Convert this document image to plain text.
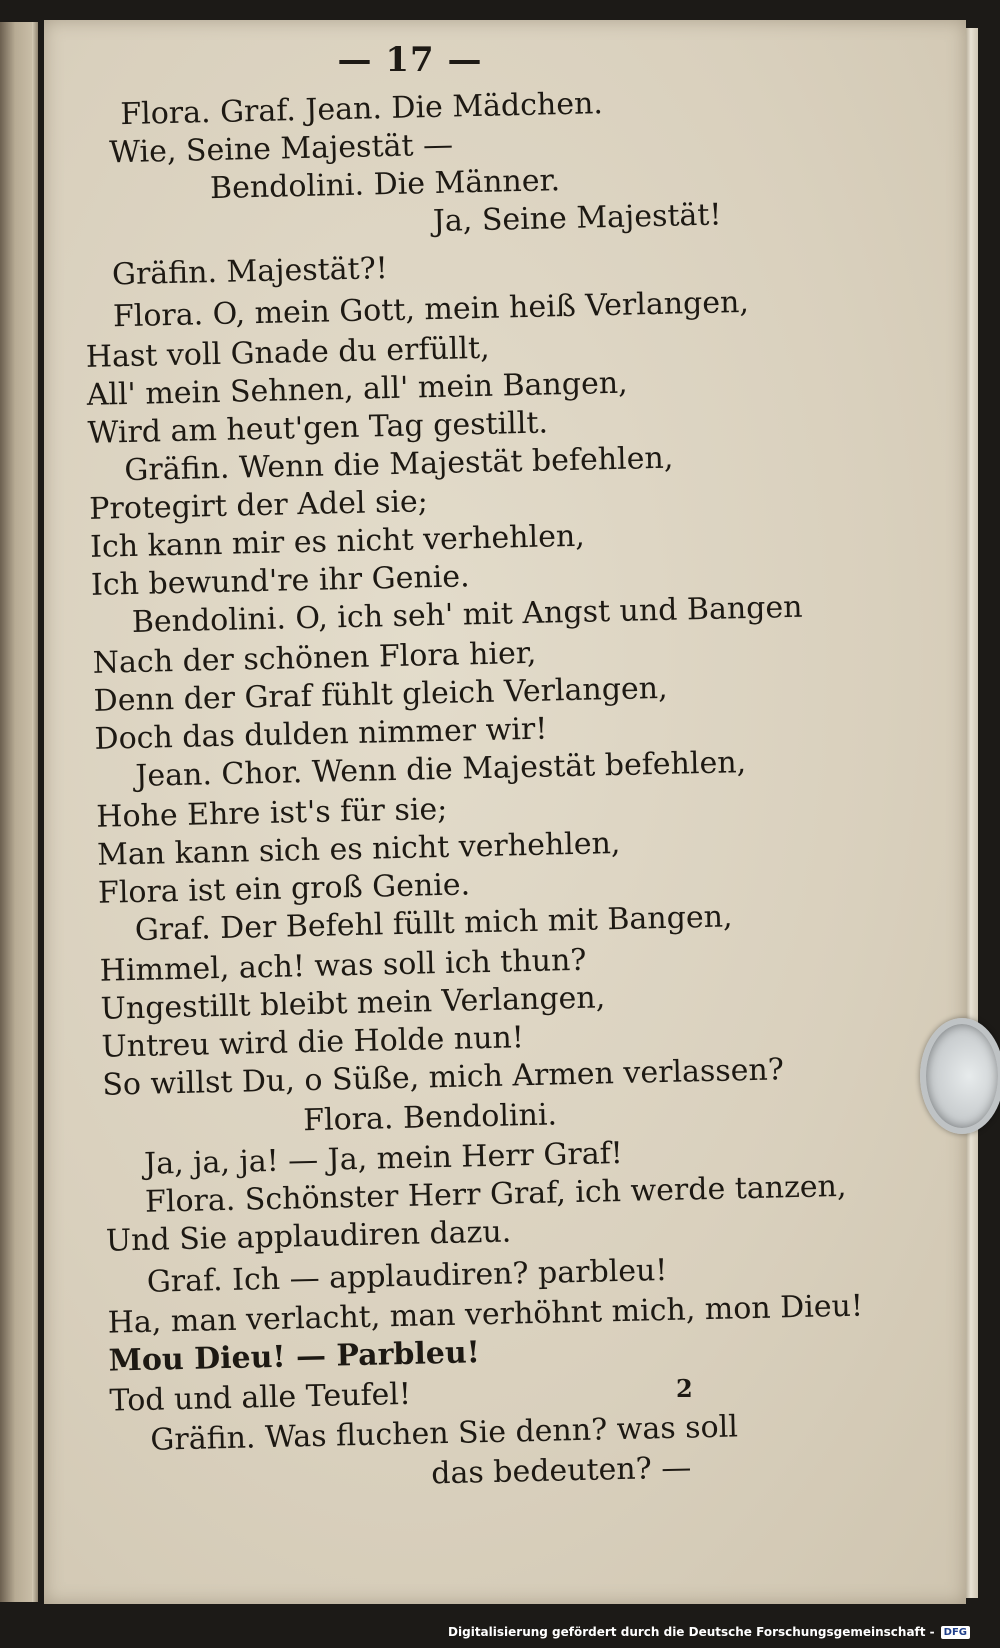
— 17 —
Flora. Graf. Jean. Die Mädchen.
Wie, Seine Majestät —
Bendolini. Die Männer.
Ja, Seine Majestät!
Gräfin. Majestät?!
Flora. O, mein Gott, mein heiß Verlangen,
Hast voll Gnade du erfüllt,
All' mein Sehnen, all' mein Bangen,
Wird am heut'gen Tag gestillt.
Gräfin. Wenn die Majestät befehlen,
Protegirt der Adel sie;
Ich kann mir es nicht verhehlen,
Ich bewund're ihr Genie.
Bendolini. O, ich seh' mit Angst und Bangen
Nach der schönen Flora hier,
Denn der Graf fühlt gleich Verlangen,
Doch das dulden nimmer wir!
Jean. Chor. Wenn die Majestät befehlen,
Hohe Ehre ist's für sie;
Man kann sich es nicht verhehlen,
Flora ist ein groß Genie.
Graf. Der Befehl füllt mich mit Bangen,
Himmel, ach! was soll ich thun?
Ungestillt bleibt mein Verlangen,
Untreu wird die Holde nun!
So willst Du, o Süße, mich Armen verlassen?
Flora. Bendolini.
Ja, ja, ja! — Ja, mein Herr Graf!
Flora. Schönster Herr Graf, ich werde tanzen,
Und Sie applaudiren dazu.
Graf. Ich — applaudiren? parbleu!
Ha, man verlacht, man verhöhnt mich, mon Dieu!
Mou Dieu! — Parbleu!
Tod und alle Teufel!
Gräfin. Was fluchen Sie denn? was soll
das bedeuten? —
2
Digitalisierung gefördert durch die Deutsche Forschungsgemeinschaft - DFG
